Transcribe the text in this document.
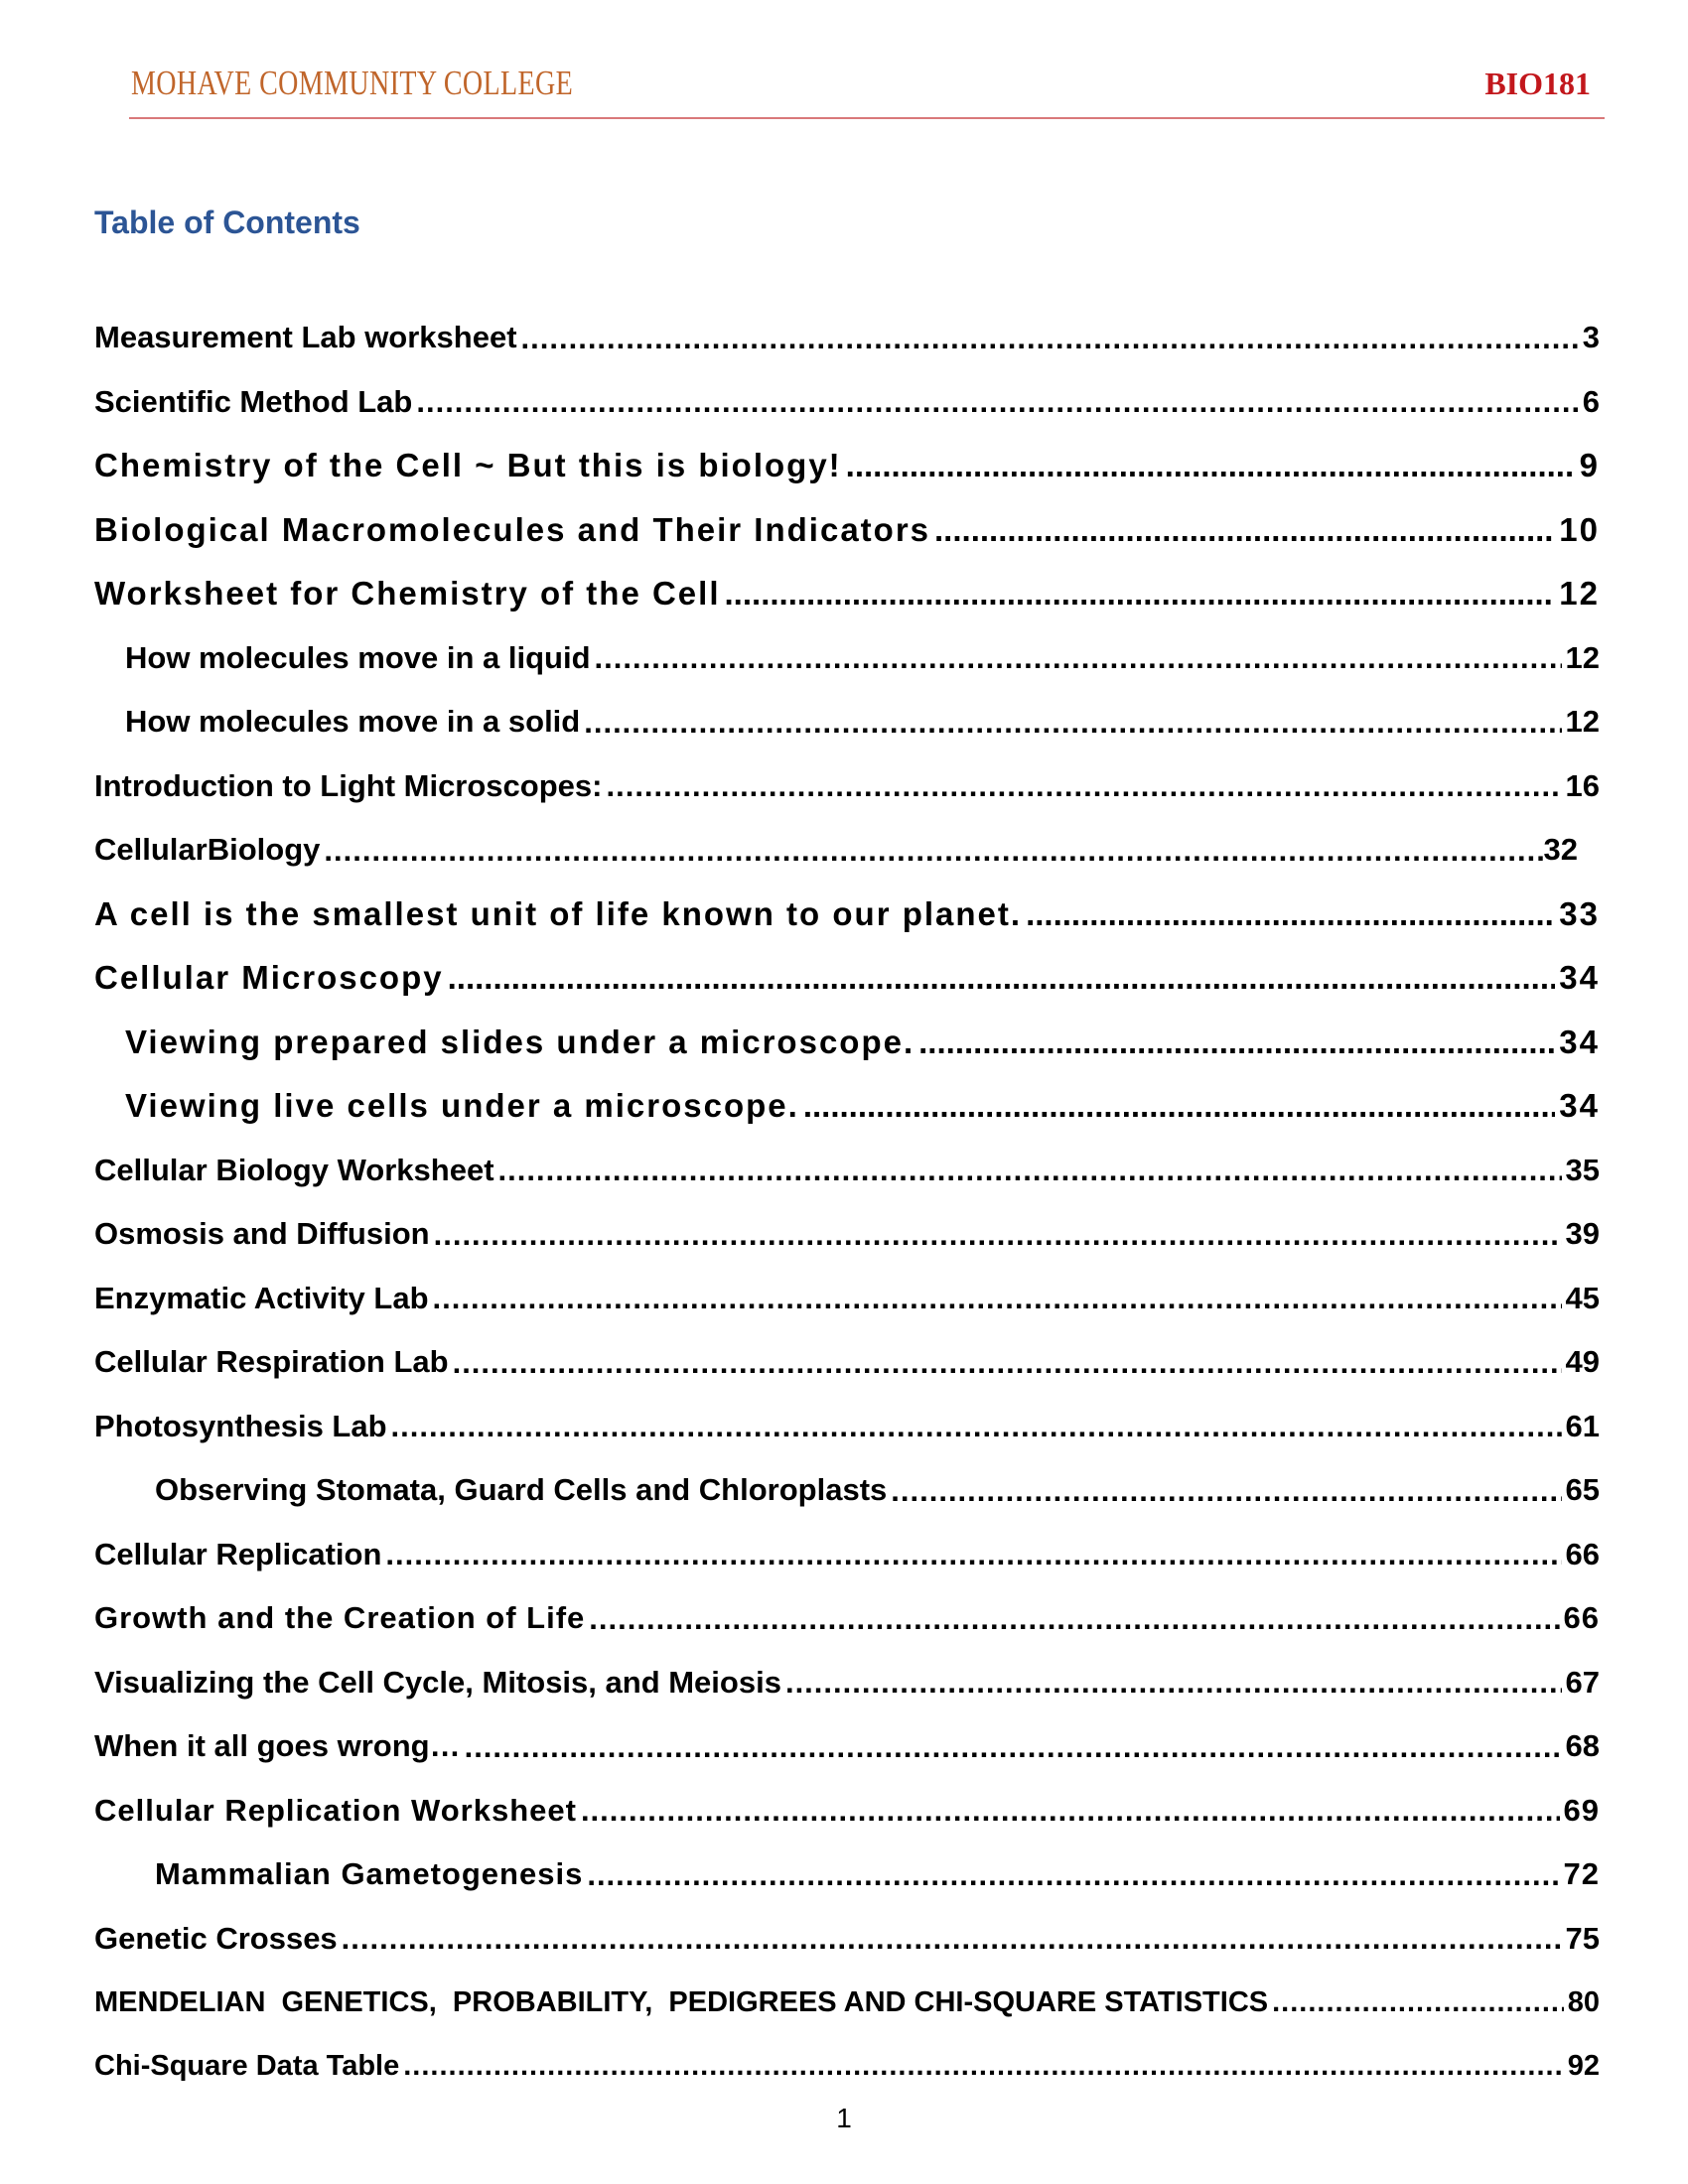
MOHAVE COMMUNITY COLLEGE	BIO181
Table of Contents
Measurement Lab worksheet .....	3
Scientific Method Lab .....	6
Chemistry of the Cell ~ But this is biology! .....	9
Biological Macromolecules and Their Indicators .....	10
Worksheet for Chemistry of the Cell .....	12
How molecules move in a liquid .....	12
How molecules move in a solid .....	12
Introduction to Light Microscopes: .....	16
CellularBiology .....	32
A cell is the smallest unit of life known to our planet. .....	33
Cellular Microscopy .....	34
Viewing prepared slides under a microscope. .....	34
Viewing live cells under a microscope. .....	34
Cellular Biology Worksheet .....	35
Osmosis and Diffusion .....	39
Enzymatic Activity Lab .....	45
Cellular Respiration Lab .....	49
Photosynthesis Lab .....	61
Observing Stomata, Guard Cells and Chloroplasts .....	65
Cellular Replication .....	66
Growth and the Creation of Life .....	66
Visualizing the Cell Cycle, Mitosis, and Meiosis .....	67
When it all goes wrong… .....	68
Cellular Replication Worksheet .....	69
Mammalian Gametogenesis .....	72
Genetic Crosses .....	75
MENDELIAN  GENETICS,  PROBABILITY,  PEDIGREES AND CHI-SQUARE STATISTICS .....	80
Chi-Square Data Table .....	92
1
